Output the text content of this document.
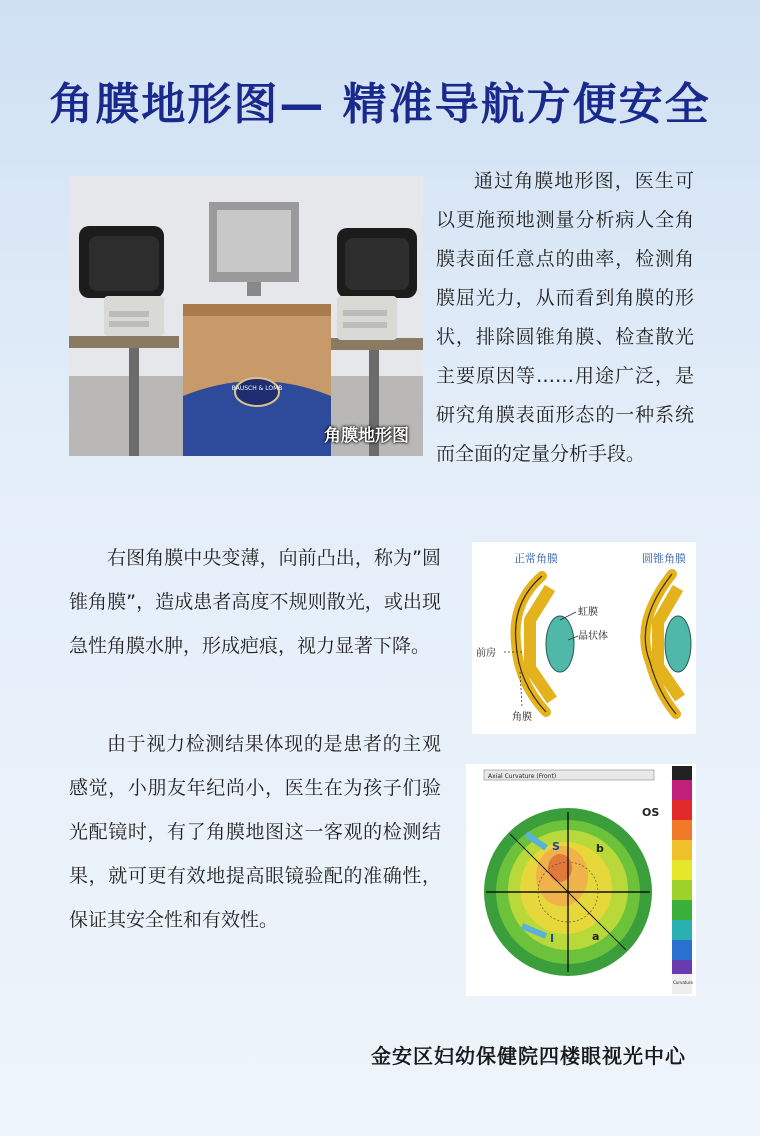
角膜地形图— 精准导航方便安全
BAUSCH & LOMB
角膜地形图
通过角膜地形图，医生可以更施预地测量分析病人全角膜表面任意点的曲率，检测角膜屈光力，从而看到角膜的形状，排除圆锥角膜、检查散光主要原因等……用途广泛，是研究角膜表面形态的一种系统而全面的定量分析手段。
右图角膜中央变薄，向前凸出，称为”圆锥角膜”，造成患者高度不规则散光，或出现急性角膜水肿，形成疤痕，视力显著下降。
正常角膜	圆锥角膜
虹膜
晶状体
前房
角膜
由于视力检测结果体现的是患者的主观感觉，小朋友年纪尚小，医生在为孩子们验光配镜时，有了角膜地图这一客观的检测结果，就可更有效地提高眼镜验配的准确性，保证其安全性和有效性。
Axial Curvature (Front)
OS
S
I
b
a
Curvature
金安区妇幼保健院四楼眼视光中心
